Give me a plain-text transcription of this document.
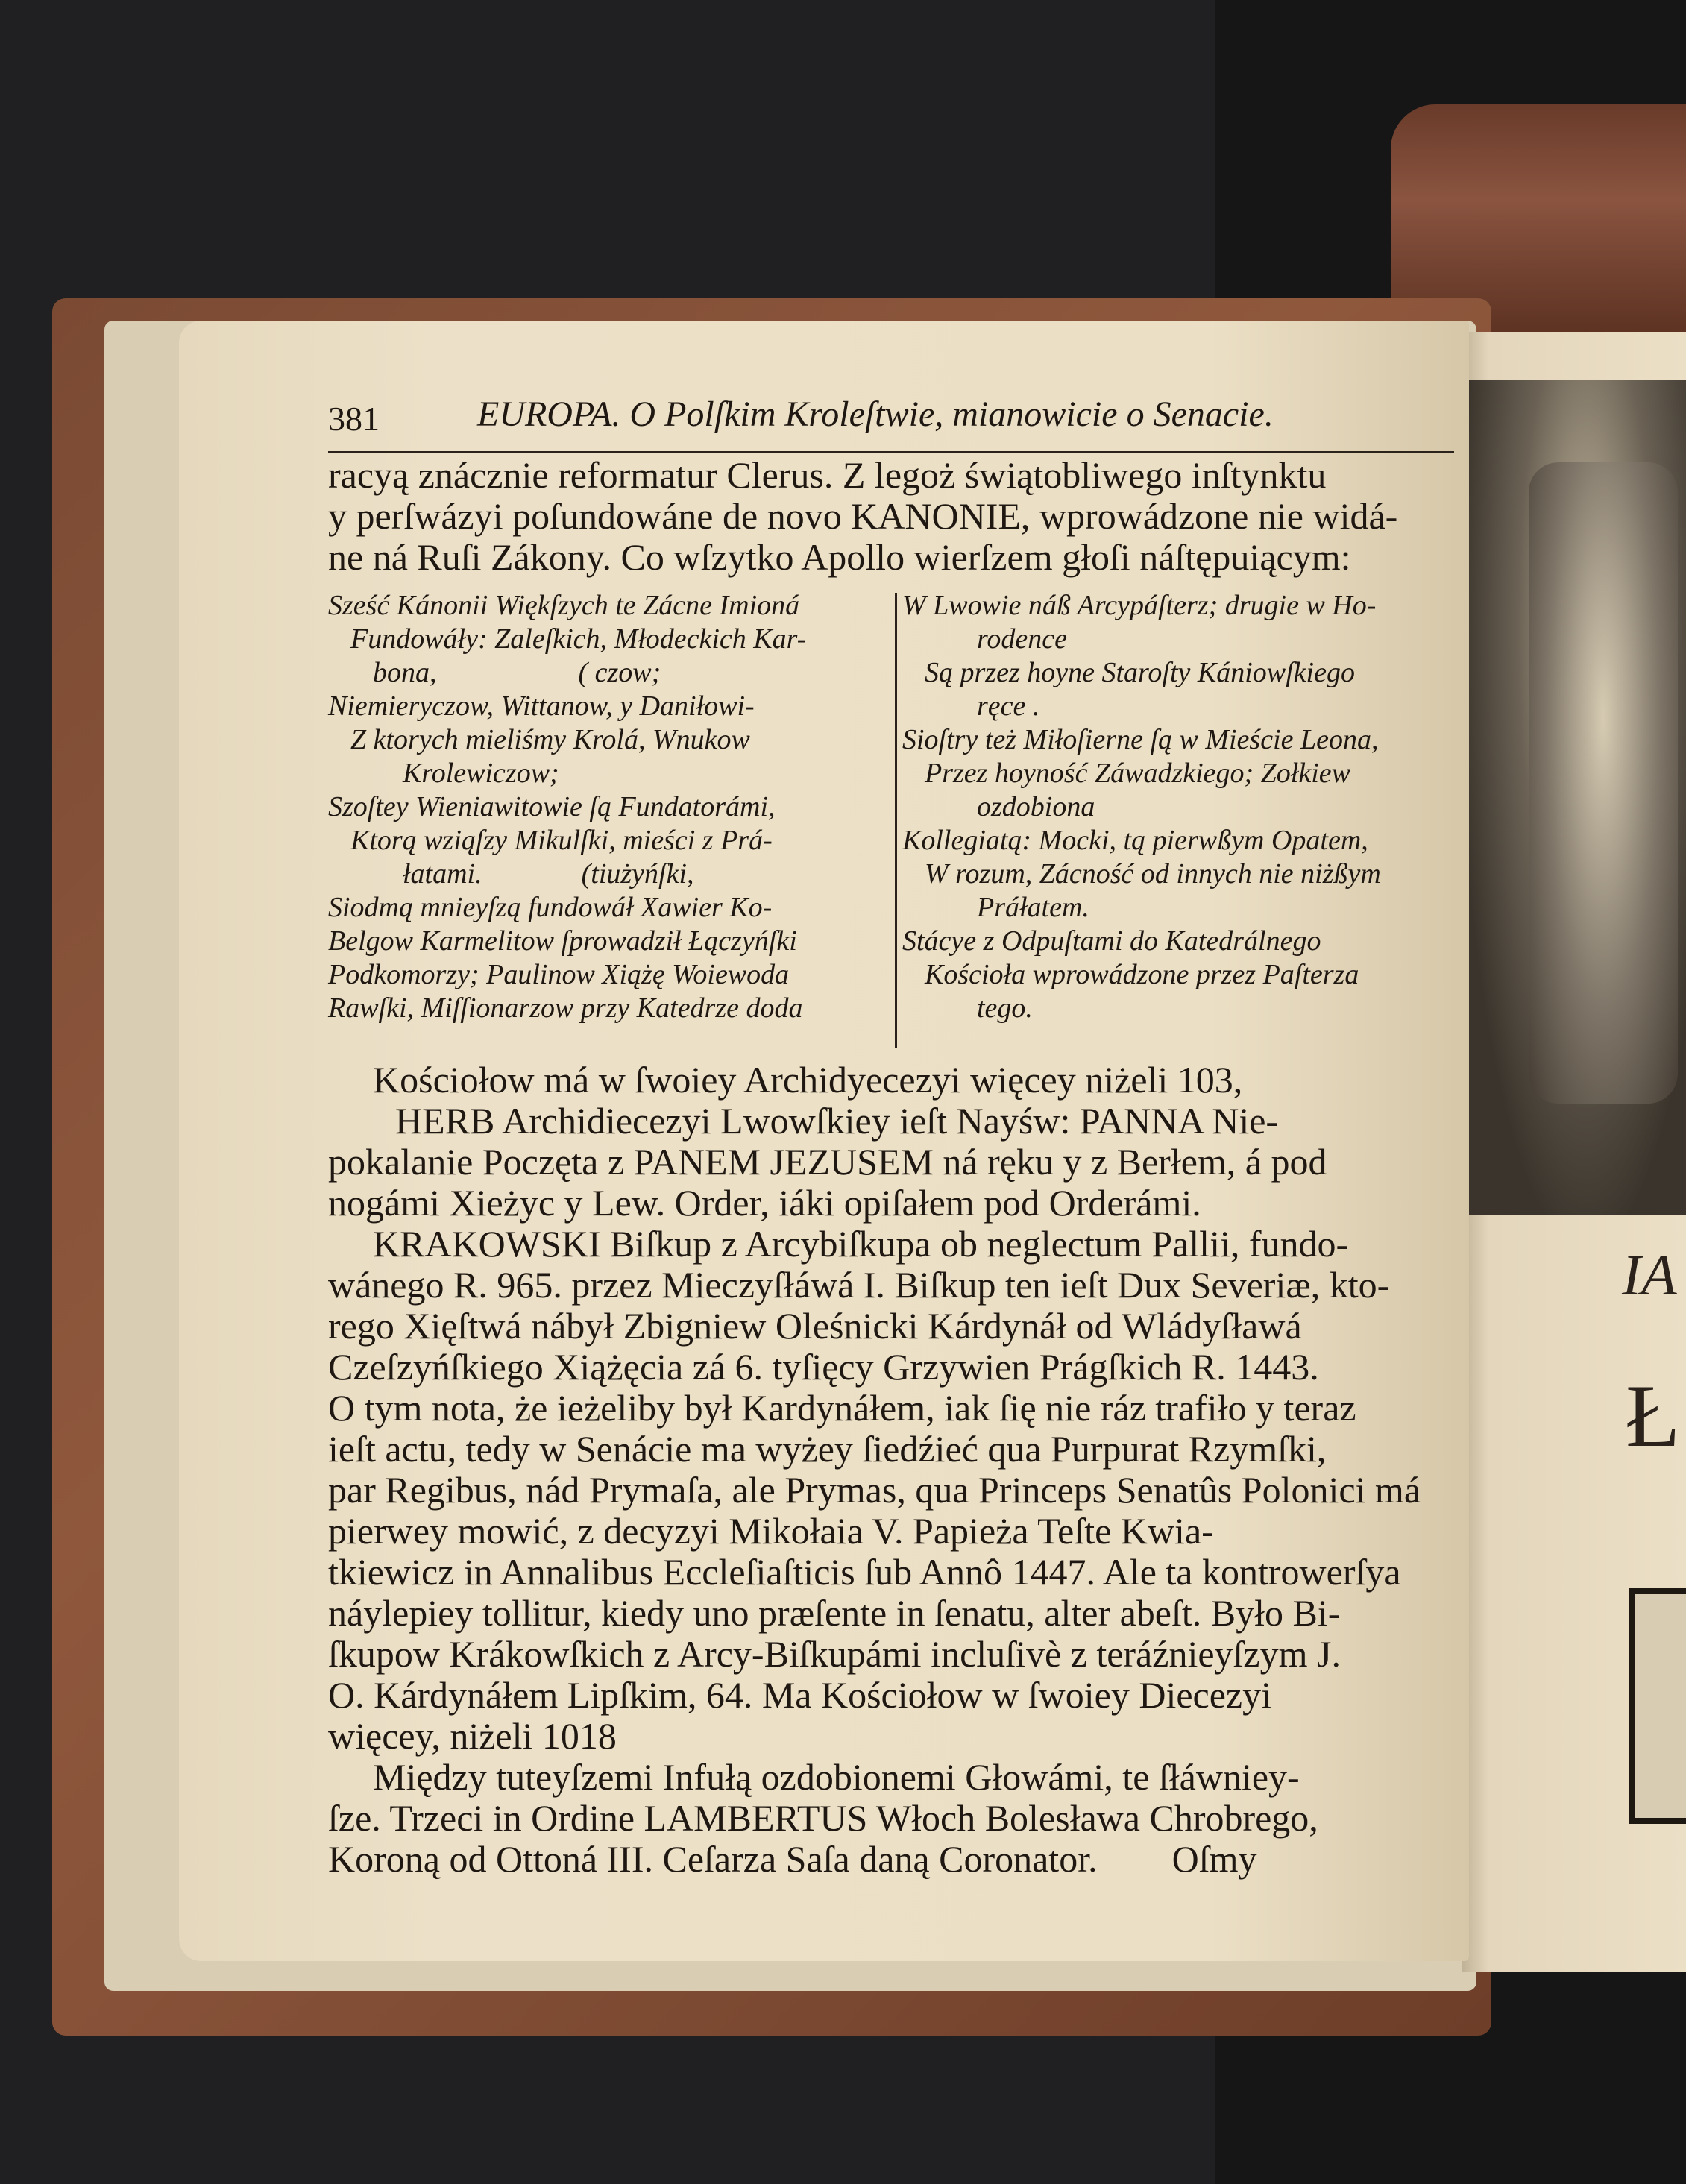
IA
Ł
381	EUROPA. O Polſkim Kroleſtwie, mianowicie o Senacie.
racyą znácznie reformatur Clerus. Z legoż świątobliwego inſtynktu
y perſwázyi poſundowáne de novo KANONIE, wprowádzone nie widá-
ne ná Ruſi Zákony. Co wſzytko Apollo wierſzem głoſi náſtępuiącym:
Sześć Kánonii Więkſzych te Zácne Imioná
Fundowáły: Zaleſkich, Młodeckich Kar-
bona,                    ( czow;
Niemieryczow, Wittanow, y Daniłowi-
Z ktorych mieliśmy Krolá, Wnukow
Krolewiczow;
Szoſtey Wieniawitowie ſą Fundatorámi,
Ktorą wziąſzy Mikulſki, mieści z Prá-
łatami.              (tiużyńſki,
Siodmą mnieyſzą fundowáł Xawier Ko-
Belgow Karmelitow ſprowadził Łączyńſki
Podkomorzy; Paulinow Xiążę Woiewoda
Rawſki, Miſſionarzow przy Katedrze doda
W Lwowie náß Arcypáſterz; drugie w Ho-
rodence
Są przez hoyne Staroſty Kániowſkiego
ręce .
Sioſtry też Miłoſierne ſą w Mieście Leona,
Przez hoyność Záwadzkiego; Zołkiew
ozdobiona
Kollegiatą: Mocki, tą pierwßym Opatem,
W rozum, Zácność od innych nie niżßym
Práłatem.
Stácye z Odpuſtami do Katedrálnego
Kościoła wprowádzone przez Paſterza
tego.
Kościołow má w ſwoiey Archidyecezyi więcey niżeli 103,
HERB Archidiecezyi Lwowſkiey ieſt Nayśw: PANNA Nie-
pokalanie Poczęta z PANEM JEZUSEM ná ręku y z Berłem, á pod
nogámi Xieżyc y Lew. Order, iáki opiſałem pod Orderámi.
KRAKOWSKI Biſkup z Arcybiſkupa ob neglectum Pallii, fundo-
wánego R. 965. przez Mieczyſłáwá I. Biſkup ten ieſt Dux Severiæ, kto-
rego Xięſtwá nábył Zbigniew Oleśnicki Kárdynáł od Wládyſławá
Czeſzyńſkiego Xiążęcia zá 6. tyſięcy Grzywien Prágſkich R. 1443.
O tym nota, że ieżeliby był Kardynáłem, iak ſię nie ráz trafiło y teraz
ieſt actu, tedy w Senácie ma wyżey ſiedźieć qua Purpurat Rzymſki,
par Regibus, nád Prymaſa, ale Prymas, qua Princeps Senatûs Polonici má
pierwey mowić, z decyzyi Mikołaia V. Papieża Teſte Kwia-
tkiewicz in Annalibus Eccleſiaſticis ſub Annô 1447. Ale ta kontrowerſya
náylepiey tollitur, kiedy uno præſente in ſenatu, alter abeſt. Było Bi-
ſkupow Krákowſkich z Arcy-Biſkupámi incluſivè z teráźnieyſzym J.
O. Kárdynáłem Lipſkim, 64. Ma Kościołow w ſwoiey Diecezyi
więcey, niżeli 1018
Między tuteyſzemi Infułą ozdobionemi Głowámi, te ſłáwniey-
ſze. Trzeci in Ordine LAMBERTUS Włoch Bolesława Chrobrego,
Koroną od Ottoná III. Ceſarza Saſa daną Coronator.        Oſmy
